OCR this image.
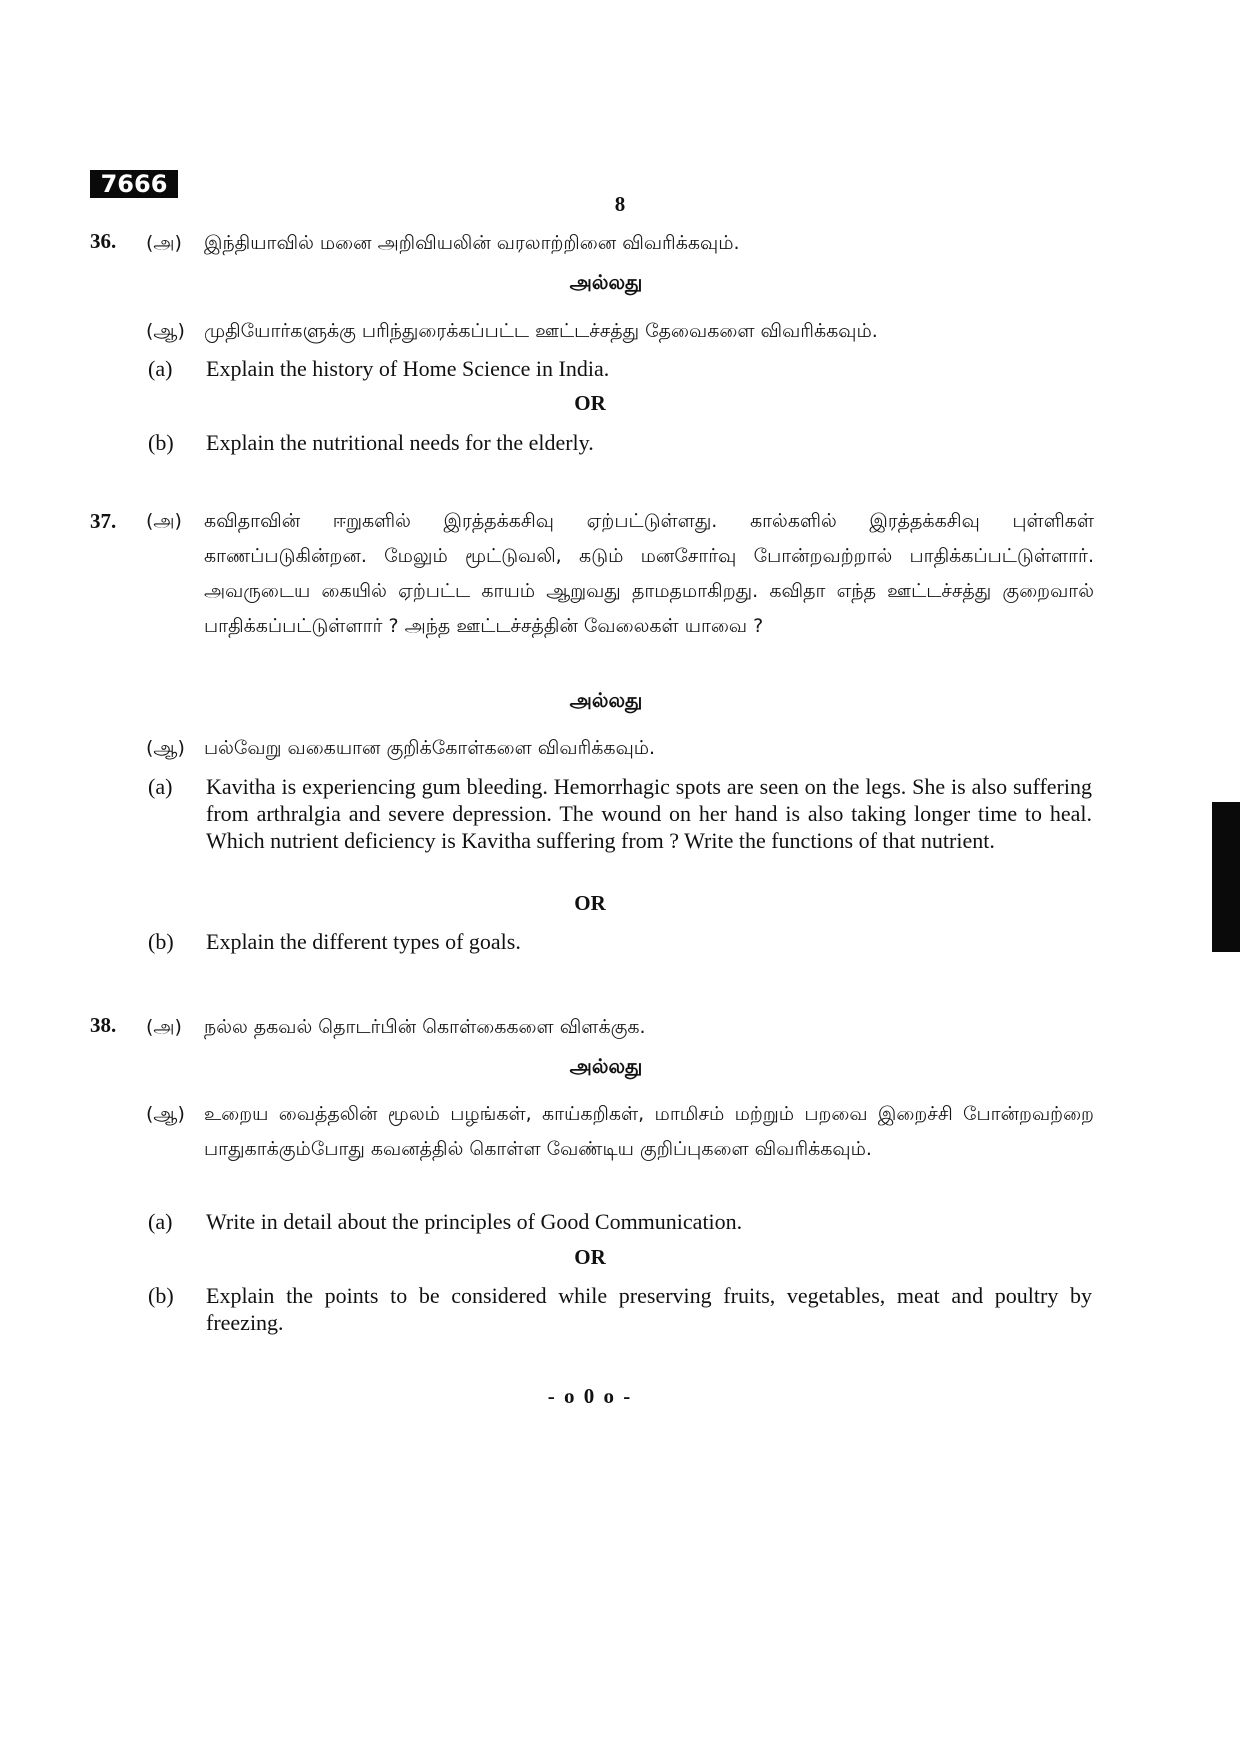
7666
8
36. (அ)	இந்தியாவில் மனை அறிவியலின் வரலாற்றினை விவரிக்கவும்.
அல்லது
(ஆ)	முதியோர்களுக்கு பரிந்துரைக்கப்பட்ட ஊட்டச்சத்து தேவைகளை விவரிக்கவும்.
(a)	Explain the history of Home Science in India.
OR
(b)	Explain the nutritional needs for the elderly.
37. (அ)	கவிதாவின் ஈறுகளில் இரத்தக்கசிவு ஏற்பட்டுள்ளது. கால்களில் இரத்தக்கசிவு புள்ளிகள் காணப்படுகின்றன. மேலும் மூட்டுவலி, கடும் மனசோர்வு போன்றவற்றால் பாதிக்கப்பட்டுள்ளார். அவருடைய கையில் ஏற்பட்ட காயம் ஆறுவது தாமதமாகிறது. கவிதா எந்த ஊட்டச்சத்து குறைவால் பாதிக்கப்பட்டுள்ளார் ? அந்த ஊட்டச்சத்தின் வேலைகள் யாவை ?
அல்லது
(ஆ)	பல்வேறு வகையான குறிக்கோள்களை விவரிக்கவும்.
(a)	Kavitha is experiencing gum bleeding. Hemorrhagic spots are seen on the legs. She is also suffering from arthralgia and severe depression. The wound on her hand is also taking longer time to heal. Which nutrient deficiency is Kavitha suffering from ? Write the functions of that nutrient.
OR
(b)	Explain the different types of goals.
38. (அ)	நல்ல தகவல் தொடர்பின் கொள்கைகளை விளக்குக.
அல்லது
(ஆ)	உறைய வைத்தலின் மூலம் பழங்கள், காய்கறிகள், மாமிசம் மற்றும் பறவை இறைச்சி போன்றவற்றை பாதுகாக்கும்போது கவனத்தில் கொள்ள வேண்டிய குறிப்புகளை விவரிக்கவும்.
(a)	Write in detail about the principles of Good Communication.
OR
(b)	Explain the points to be considered while preserving fruits, vegetables, meat and poultry by freezing.
- o 0 o -
